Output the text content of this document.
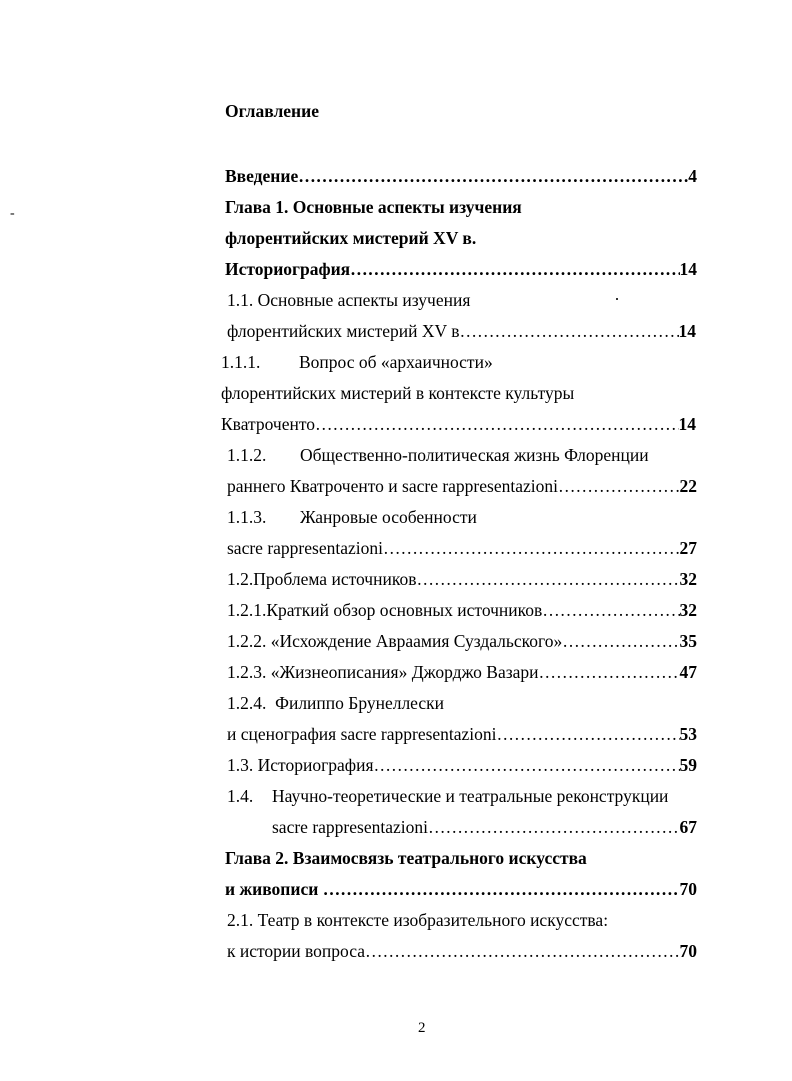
-
Оглавление
Введение …………………………………………………………………………………………………………………………	4
Глава 1. Основные аспекты изучения
флорентийских мистерий XV в.
Историография …………………………………………………………………………………………………………………………	14
1.1. Основные аспекты изучения
флорентийских мистерий XV в …………………………………………………………………………………………………………………………	14
1.1.1. Вопрос об «архаичности»
флорентийских мистерий в контексте культуры
Кватроченто …………………………………………………………………………………………………………………………	14
1.1.2. Общественно-политическая жизнь Флоренции
раннего Кватроченто и sacre rappresentazioni …………………………………………………………………………………………………………………………	22
1.1.3. Жанровые особенности
sacre rappresentazioni …………………………………………………………………………………………………………………………	27
1.2. Проблема источников …………………………………………………………………………………………………………………………	32
1.2.1. Краткий обзор основных источников …………………………………………………………………………………………………………………………	32
1.2.2. «Исхождение Авраамия Суздальского» …………………………………………………………………………………………………………………………	35
1.2.3. «Жизнеописания» Джорджо Вазари …………………………………………………………………………………………………………………………	47
1.2.4.  Филиппо Брунеллески
и сценография sacre rappresentazioni …………………………………………………………………………………………………………………………	53
1.3. Историография …………………………………………………………………………………………………………………………	59
1.4. Научно-теоретические и театральные реконструкции
sacre rappresentazioni …………………………………………………………………………………………………………………………	67
Глава 2. Взаимосвязь театрального искусства
и живописи …………………………………………………………………………………………………………………………	70
2.1. Театр в контексте изобразительного искусства:
к истории вопроса …………………………………………………………………………………………………………………………	70
2
